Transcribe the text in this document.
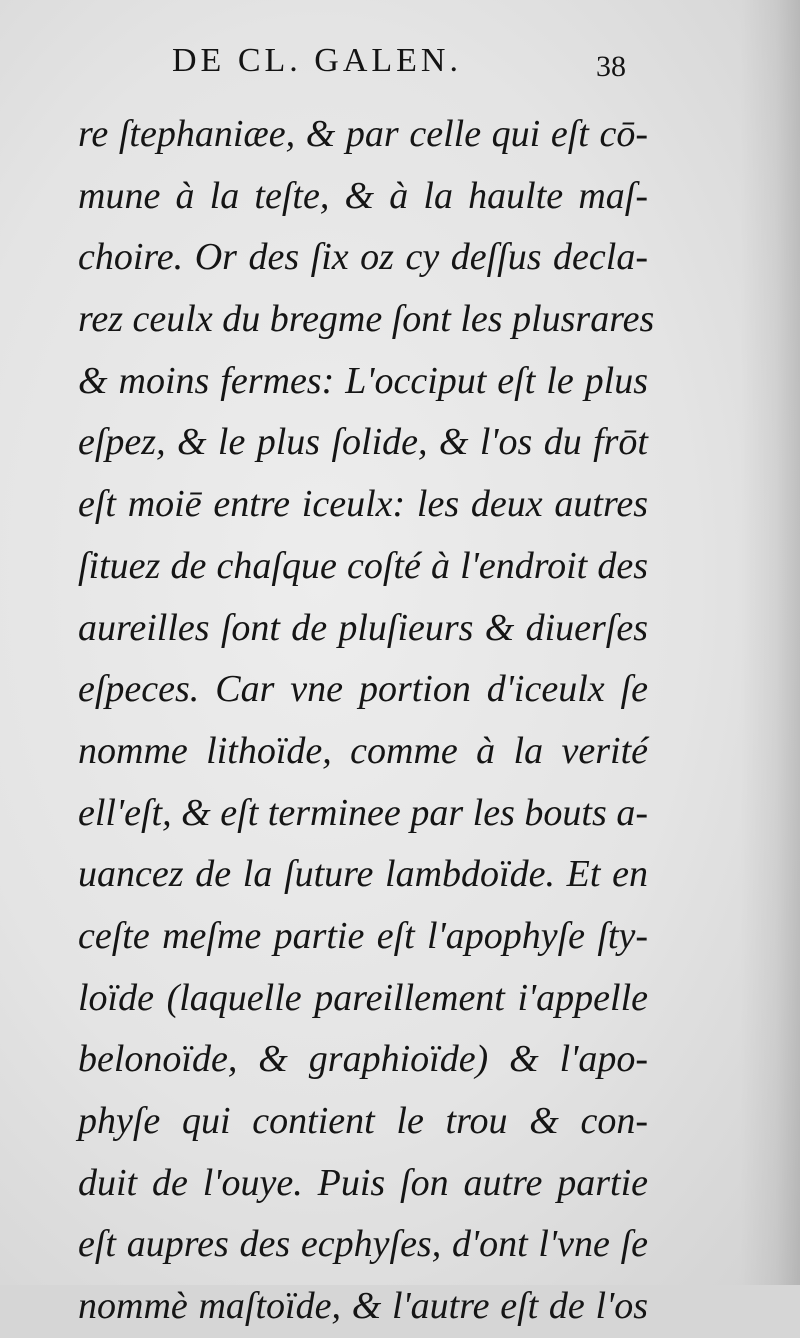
DE CL. GALEN.	38
re ſtephaniæe, & par celle qui eſt cō-
mune à la teſte, & à la haulte maſ-
choire. Or des ſix oz cy deſſus decla-
rez ceulx du bregme ſont les plusrares
& moins fermes: L'occiput eſt le plus
eſpez, & le plus ſolide, & l'os du frōt
eſt moiē entre iceulx: les deux autres
ſituez de chaſque coſté à l'endroit des
aureilles ſont de pluſieurs & diuerſes
eſpeces. Car vne portion d'iceulx ſe
nomme lithoïde, comme à la verité
ell'eſt, & eſt terminee par les bouts a-
uancez de la ſuture lambdoïde. Et en
ceſte meſme partie eſt l'apophyſe ſty-
loïde (laquelle pareillement i'appelle
belonoïde, & graphioïde) & l'apo-
phyſe qui contient le trou & con-
duit de l'ouye. Puis ſon autre partie
eſt aupres des ecphyſes, d'ont l'vne ſe
nommè maſtoïde, & l'autre eſt de l'os
